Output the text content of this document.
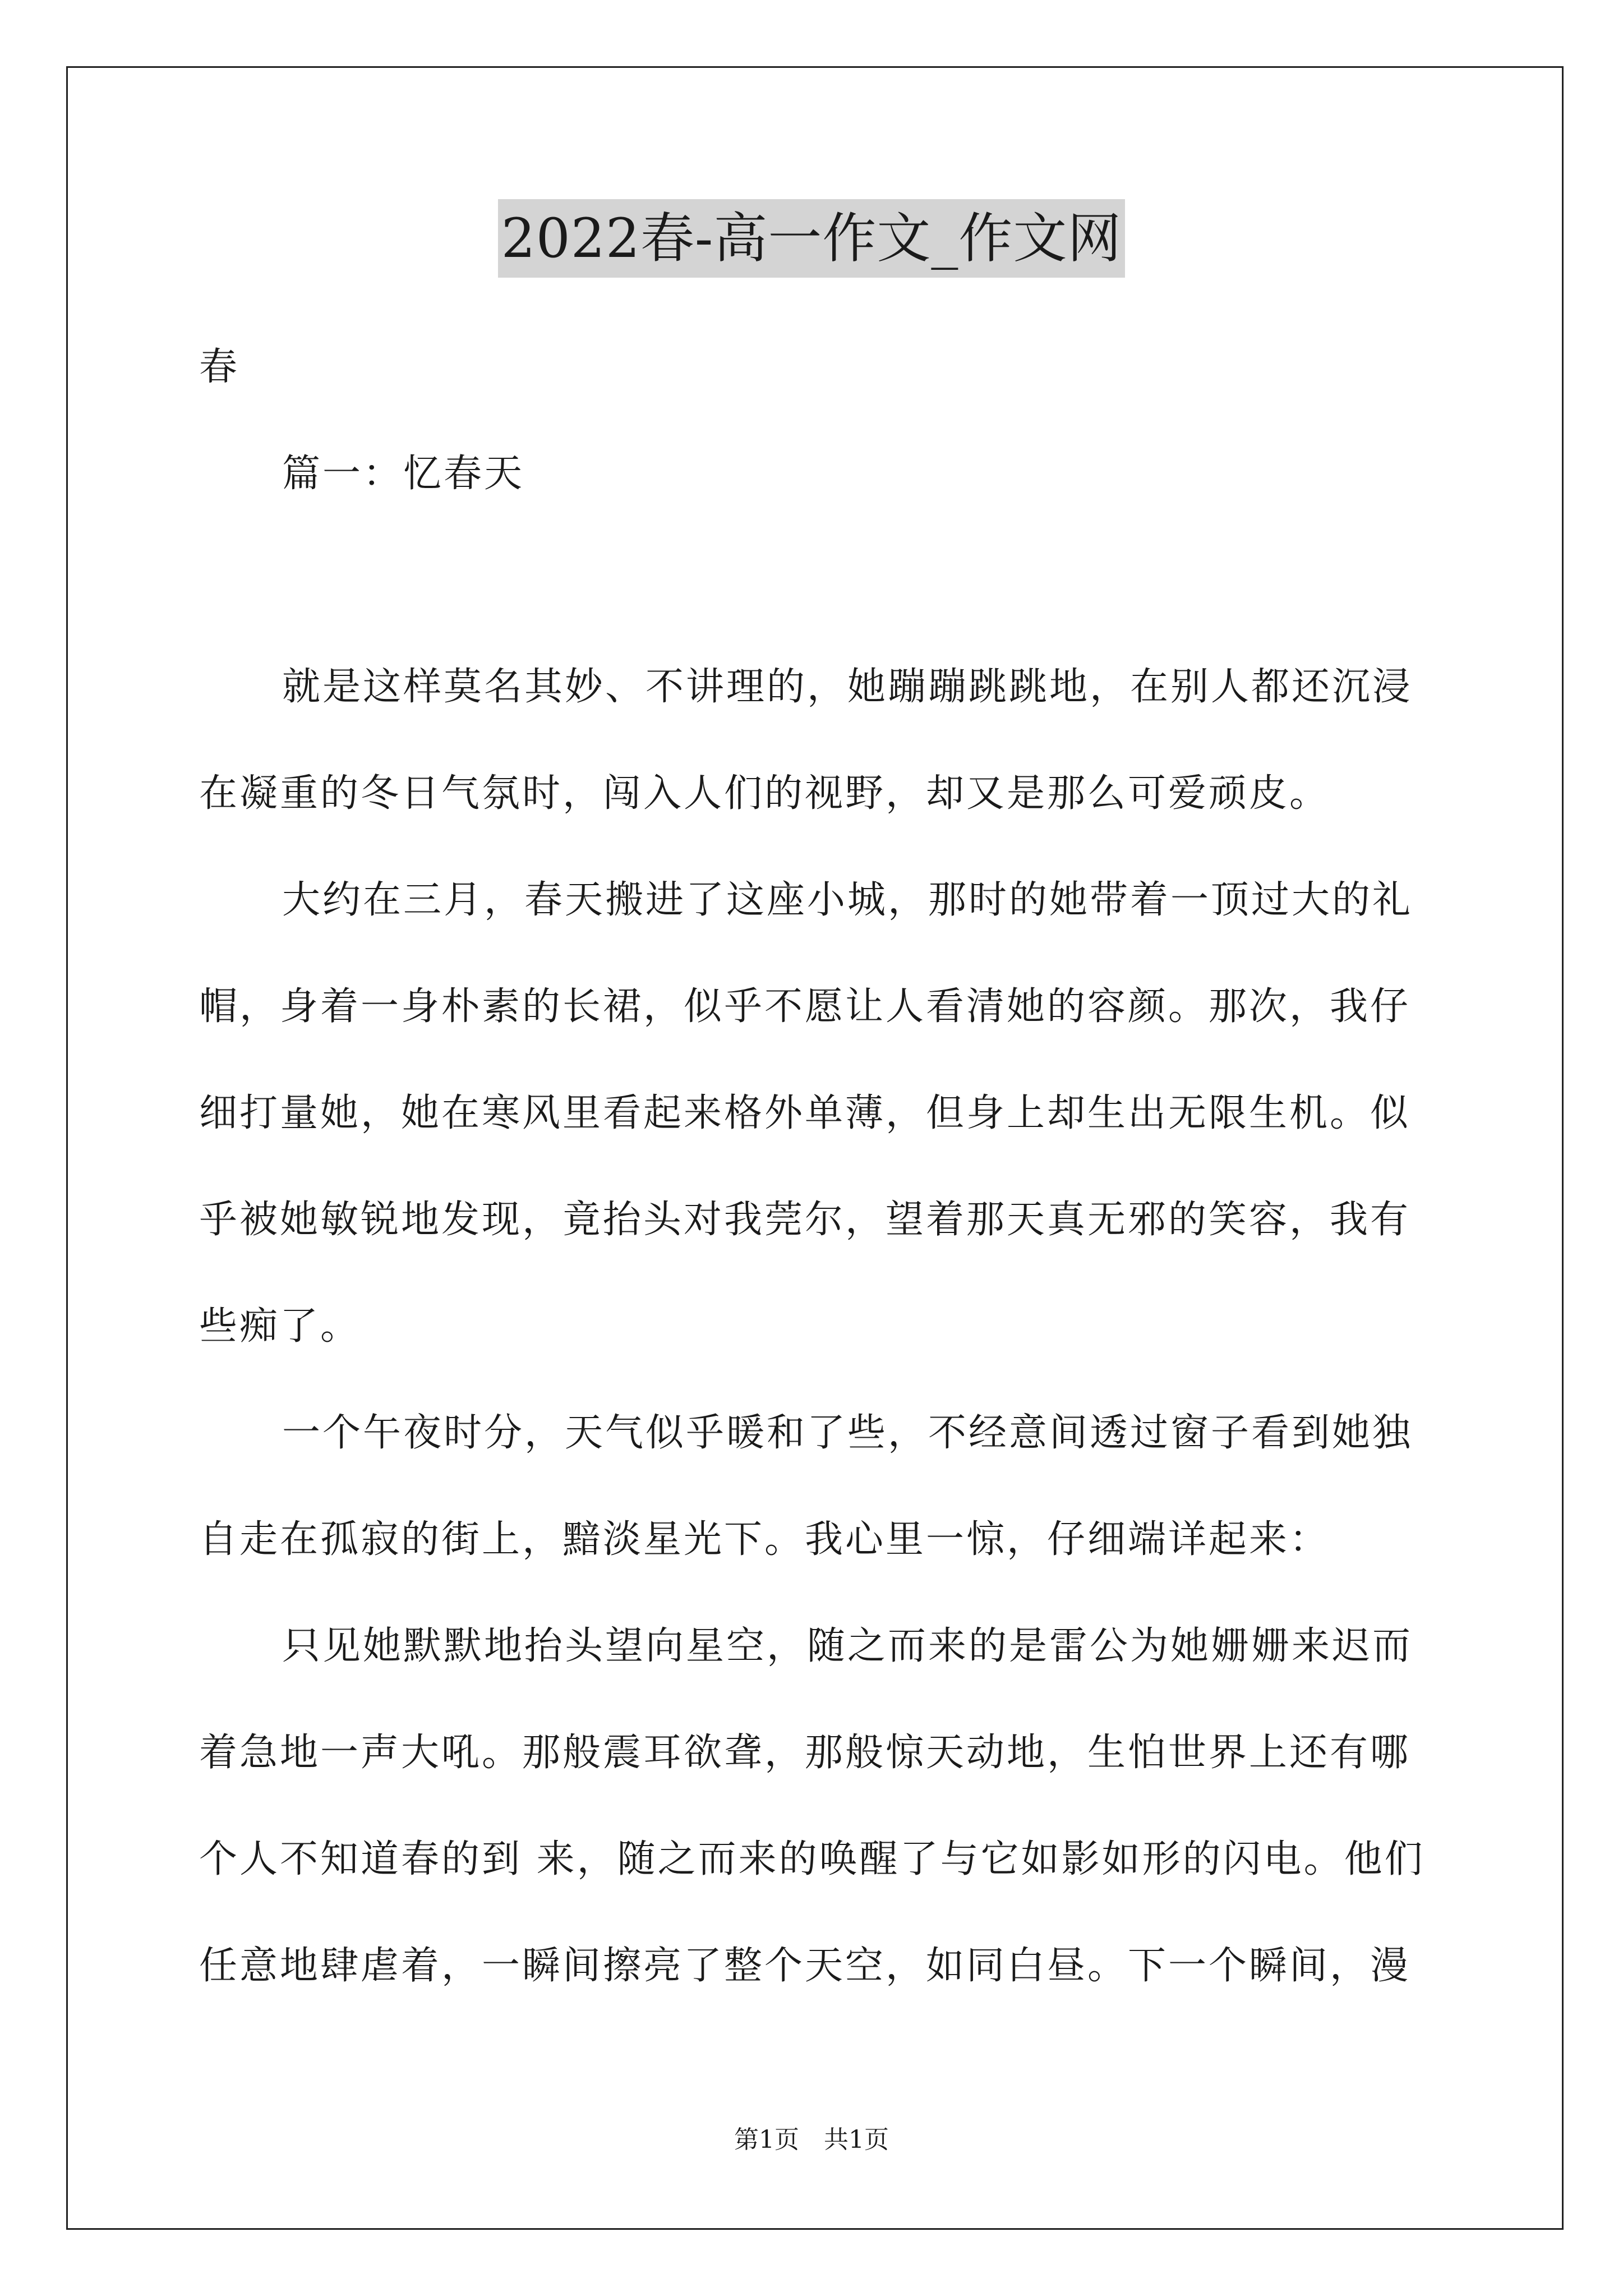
2022春-高一作文_作文网

春

篇一：忆春天

就是这样莫名其妙、不讲理的，她蹦蹦跳跳地，在别人都还沉浸

在凝重的冬日气氛时，闯入人们的视野，却又是那么可爱顽皮。

大约在三月，春天搬进了这座小城，那时的她带着一顶过大的礼

帽，身着一身朴素的长裙，似乎不愿让人看清她的容颜。那次，我仔

细打量她，她在寒风里看起来格外单薄，但身上却生出无限生机。似

乎被她敏锐地发现，竟抬头对我莞尔，望着那天真无邪的笑容，我有

些痴了。

一个午夜时分，天气似乎暖和了些，不经意间透过窗子看到她独

自走在孤寂的街上，黯淡星光下。我心里一惊，仔细端详起来：

只见她默默地抬头望向星空，随之而来的是雷公为她姗姗来迟而

着急地一声大吼。那般震耳欲聋，那般惊天动地，生怕世界上还有哪

个人不知道春的到 来，随之而来的唤醒了与它如影如形的闪电。他们

任意地肆虐着，一瞬间擦亮了整个天空，如同白昼。下一个瞬间，漫

第1页　共1页
